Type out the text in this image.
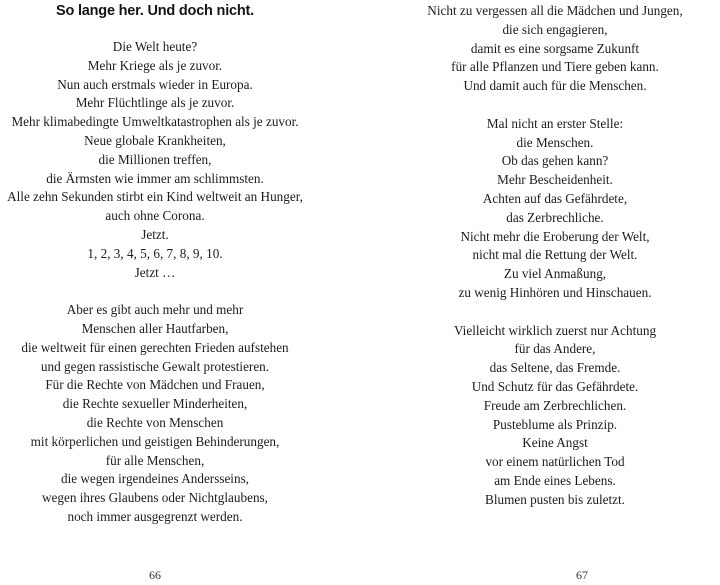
So lange her. Und doch nicht.
Die Welt heute?
Mehr Kriege als je zuvor.
Nun auch erstmals wieder in Europa.
Mehr Flüchtlinge als je zuvor.
Mehr klimabedingte Umweltkatastrophen als je zuvor.
Neue globale Krankheiten,
die Millionen treffen,
die Ärmsten wie immer am schlimmsten.
Alle zehn Sekunden stirbt ein Kind weltweit an Hunger,
auch ohne Corona.
Jetzt.
1, 2, 3, 4, 5, 6, 7, 8, 9, 10.
Jetzt …
Aber es gibt auch mehr und mehr
Menschen aller Hautfarben,
die weltweit für einen gerechten Frieden aufstehen
und gegen rassistische Gewalt protestieren.
Für die Rechte von Mädchen und Frauen,
die Rechte sexueller Minderheiten,
die Rechte von Menschen
mit körperlichen und geistigen Behinderungen,
für alle Menschen,
die wegen irgendeines Andersseins,
wegen ihres Glaubens oder Nichtglaubens,
noch immer ausgegrenzt werden.
66
Nicht zu vergessen all die Mädchen und Jungen,
die sich engagieren,
damit es eine sorgsame Zukunft
für alle Pflanzen und Tiere geben kann.
Und damit auch für die Menschen.
Mal nicht an erster Stelle:
die Menschen.
Ob das gehen kann?
Mehr Bescheidenheit.
Achten auf das Gefährdete,
das Zerbrechliche.
Nicht mehr die Eroberung der Welt,
nicht mal die Rettung der Welt.
Zu viel Anmaßung,
zu wenig Hinhören und Hinschauen.
Vielleicht wirklich zuerst nur Achtung
für das Andere,
das Seltene, das Fremde.
Und Schutz für das Gefährdete.
Freude am Zerbrechlichen.
Pusteblume als Prinzip.
Keine Angst
vor einem natürlichen Tod
am Ende eines Lebens.
Blumen pusten bis zuletzt.
67
